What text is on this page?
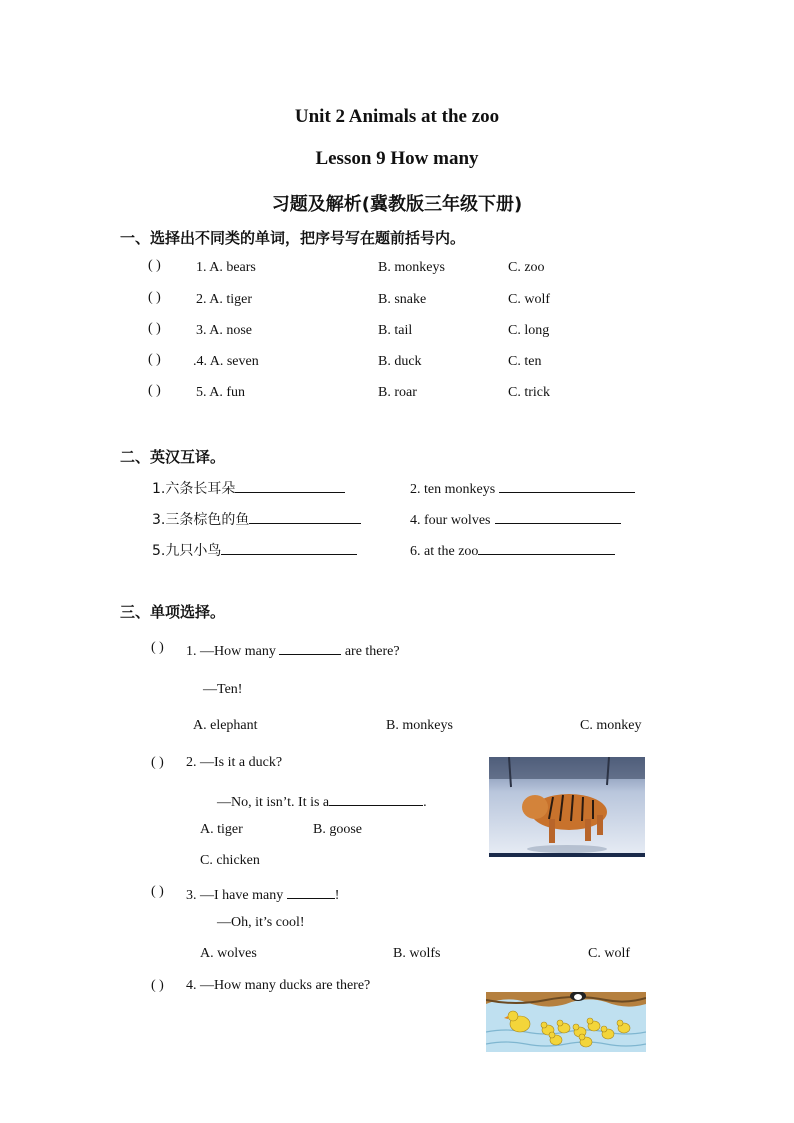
Unit 2 Animals at the zoo
Lesson 9 How many
习题及解析(冀教版三年级下册)
一、选择出不同类的单词，把序号写在题前括号内。
( )	1. A. bears	B. monkeys	C. zoo
( )	2. A. tiger	B. snake	C. wolf
( )	3. A. nose	B. tail	C. long
( ) .4. A. seven	B. duck	C. ten
( )	5. A. fun	B. roar	C. trick
二、英汉互译。
1.六条长耳朵	2. ten monkeys
3.三条棕色的鱼	4. four wolves
5.九只小鸟	6. at the zoo
三、单项选择。
( ) 1. —How many	are there?
—Ten!
A. elephant	B. monkeys	C. monkey
( ) 2. —Is it a duck?
—No, it isn’t. It is a	.
A. tiger	B. goose
C. chicken
( ) 3. —I have many	!
—Oh, it’s cool!
A. wolves	B. wolfs	C. wolf
( ) 4. —How many ducks are there?
